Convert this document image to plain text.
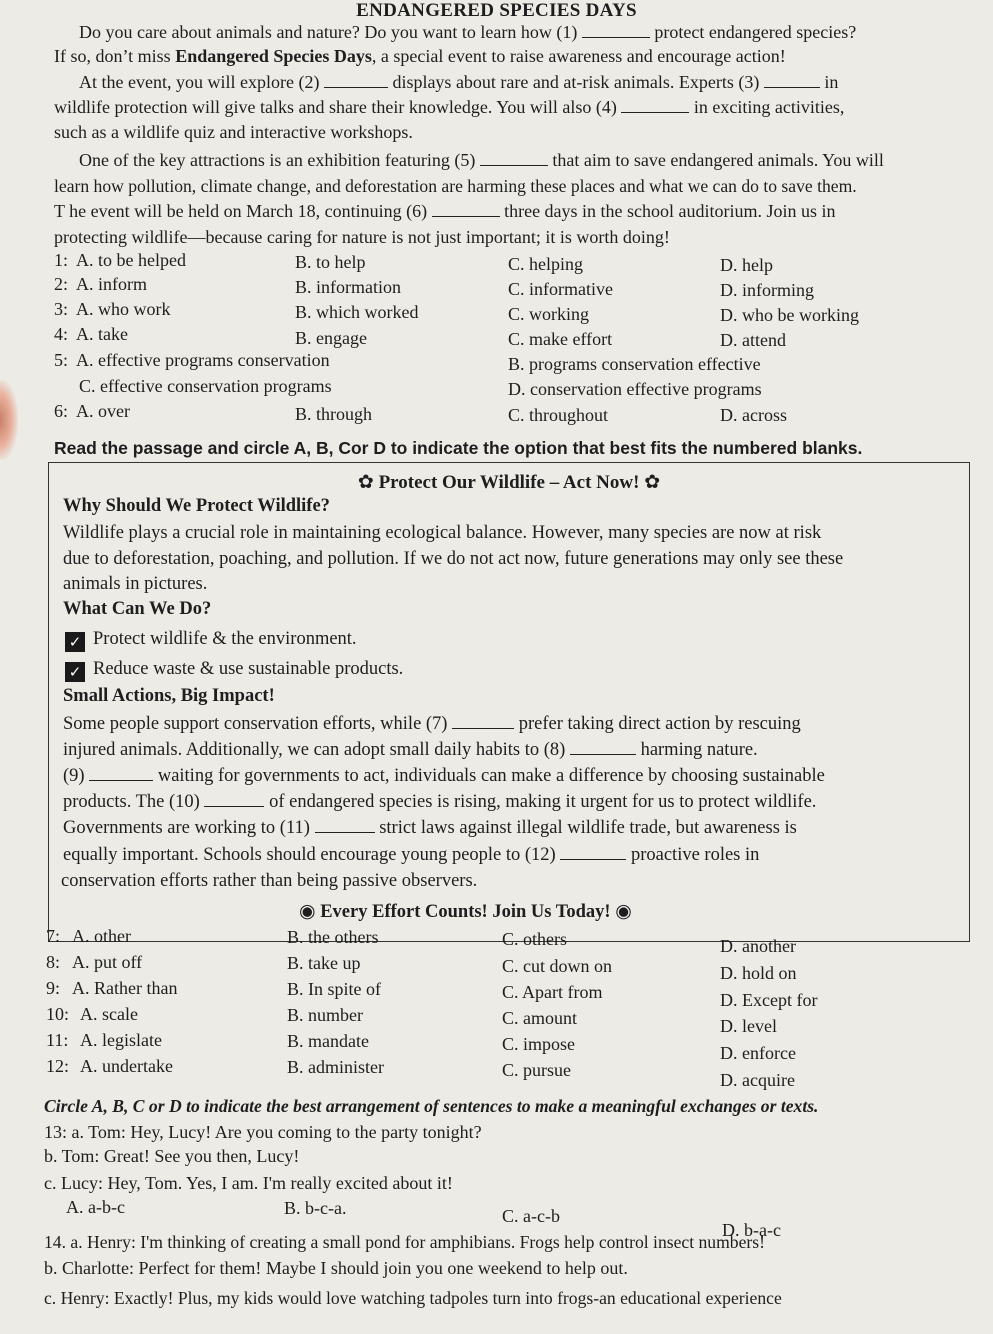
ENDANGERED SPECIES DAYS
Do you care about animals and nature? Do you want to learn how (1)	protect endangered species?
If so, don’t miss Endangered Species Days, a special event to raise awareness and encourage action!
At the event, you will explore (2)	displays about rare and at-risk animals. Experts (3)	in
wildlife protection will give talks and share their knowledge. You will also (4)	in exciting activities,
such as a wildlife quiz and interactive workshops.
One of the key attractions is an exhibition featuring (5)	that aim to save endangered animals. You will
learn how pollution, climate change, and deforestation are harming these places and what we can do to save them.
T he event will be held on March 18, continuing (6)	three days in the school auditorium. Join us in
protecting wildlife—because caring for nature is not just important; it is worth doing!
1: A. to be helped	B. to help	C. helping	D. help
2: A. inform	B. information	C. informative	D. informing
3: A. who work	B. which worked	C. working	D. who be working
4: A. take	B. engage	C. make effort	D. attend
5: A. effective programs conservation	B. programs conservation effective
C. effective conservation programs	D. conservation effective programs
6: A. over	B. through	C. throughout	D. across
Read the passage and circle A, B, Cor D to indicate the option that best fits the numbered blanks.
✿ Protect Our Wildlife – Act Now! ✿
Why Should We Protect Wildlife?
Wildlife plays a crucial role in maintaining ecological balance. However, many species are now at risk
due to deforestation, poaching, and pollution. If we do not act now, future generations may only see these
animals in pictures.
What Can We Do?
✓ Protect wildlife & the environment.
✓ Reduce waste & use sustainable products.
Small Actions, Big Impact!
Some people support conservation efforts, while (7)	prefer taking direct action by rescuing
injured animals. Additionally, we can adopt small daily habits to (8)	harming nature.
(9)	waiting for governments to act, individuals can make a difference by choosing sustainable
products. The (10)	of endangered species is rising, making it urgent for us to protect wildlife.
Governments are working to (11)	strict laws against illegal wildlife trade, but awareness is
equally important. Schools should encourage young people to (12)	proactive roles in
conservation efforts rather than being passive observers.
◉ Every Effort Counts! Join Us Today! ◉
7: A. other	B. the others	C. others	D. another
8: A. put off	B. take up	C. cut down on	D. hold on
9: A. Rather than	B. In spite of	C. Apart from	D. Except for
10: A. scale	B. number	C. amount	D. level
11: A. legislate	B. mandate	C. impose	D. enforce
12: A. undertake	B. administer	C. pursue	D. acquire
Circle A, B, C or D to indicate the best arrangement of sentences to make a meaningful exchanges or texts.
13: a. Tom: Hey, Lucy! Are you coming to the party tonight?
b. Tom: Great! See you then, Lucy!
c. Lucy: Hey, Tom. Yes, I am. I'm really excited about it!
A. a-b-c	B. b-c-a.	C. a-c-b
D. b-a-c
14. a. Henry: I'm thinking of creating a small pond for amphibians. Frogs help control insect numbers!
b. Charlotte: Perfect for them! Maybe I should join you one weekend to help out.
c. Henry: Exactly! Plus, my kids would love watching tadpoles turn into frogs-an educational experience
